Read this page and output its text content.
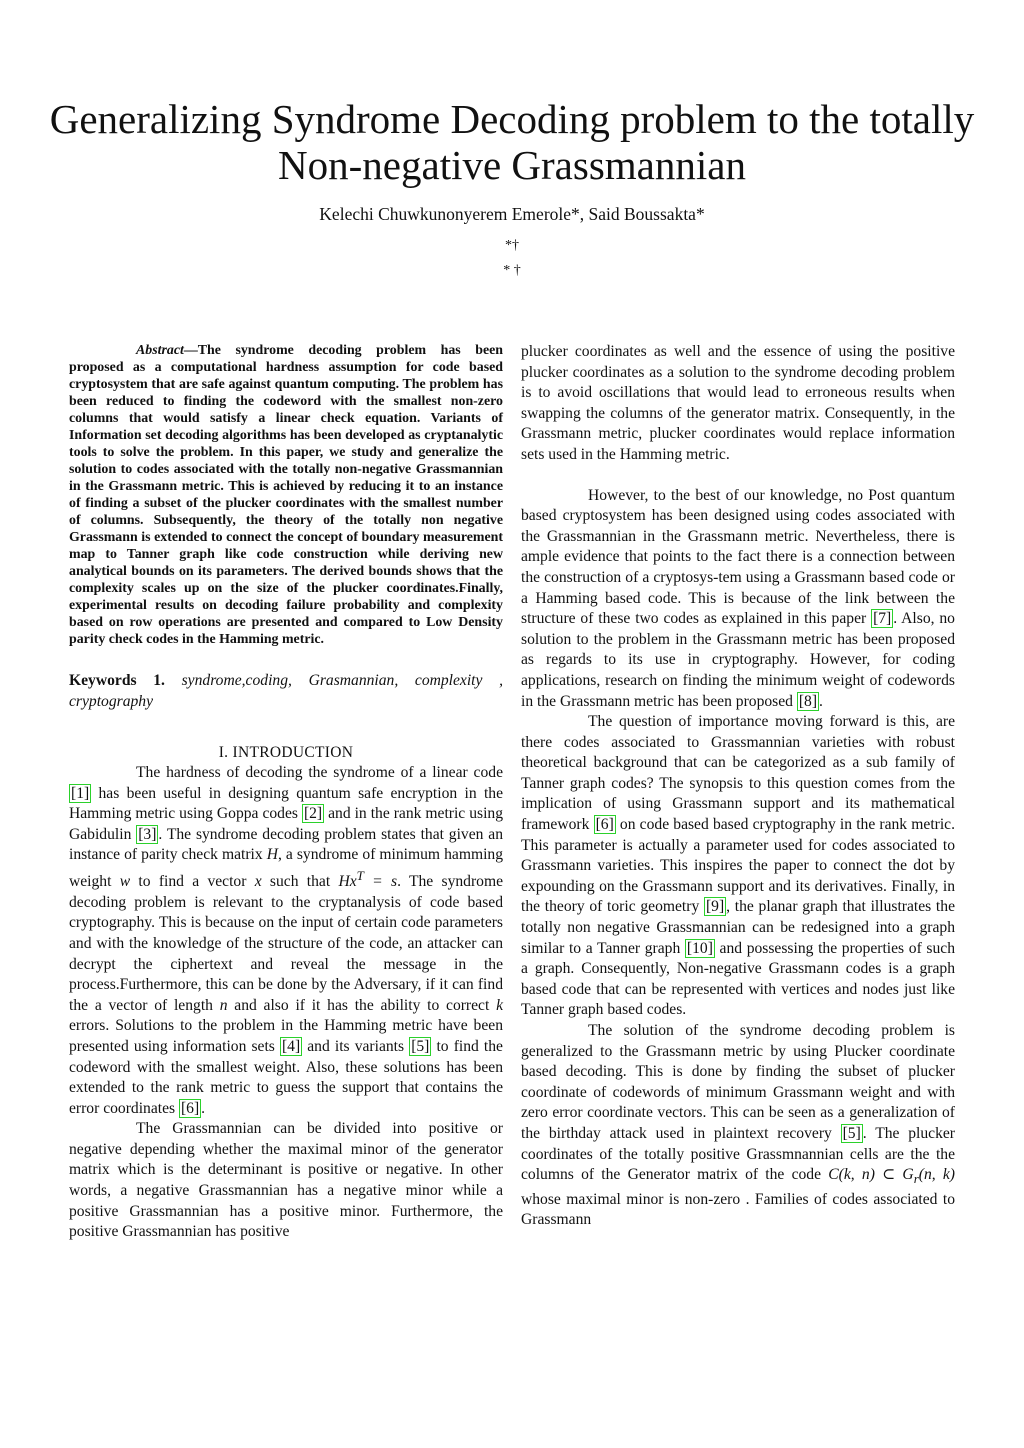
Generalizing Syndrome Decoding problem to the totally Non-negative Grassmannian
Kelechi Chuwkunonyerem Emerole*, Said Boussakta*
*†
* †

Abstract—The syndrome decoding problem has been proposed as a computational hardness assumption for code based cryptosystem that are safe against quantum computing. The problem has been reduced to finding the codeword with the smallest non-zero columns that would satisfy a linear check equation. Variants of Information set decoding algorithms has been developed as cryptanalytic tools to solve the problem. In this paper, we study and generalize the solution to codes associated with the totally non-negative Grassmannian in the Grassmann metric. This is achieved by reducing it to an instance of finding a subset of the plucker coordinates with the smallest number of columns. Subsequently, the theory of the totally non negative Grassmann is extended to connect the concept of boundary measurement map to Tanner graph like code construction while deriving new analytical bounds on its parameters. The derived bounds shows that the complexity scales up on the size of the plucker coordinates.Finally, experimental results on decoding failure probability and complexity based on row operations are presented and compared to Low Density parity check codes in the Hamming metric.

Keywords 1. syndrome,coding, Grasmannian, complexity , cryptography
I. INTRODUCTION

The hardness of decoding the syndrome of a linear code [1] has been useful in designing quantum safe encryption in the Hamming metric using Goppa codes [2] and in the rank metric using Gabidulin [3] . The syndrome decoding problem states that given an instance of parity check matrix H, a syndrome of minimum hamming weight w to find a vector x such that $Hx^T = s$. The syndrome decoding problem is relevant to the cryptanalysis of code based cryptography. This is because on the input of certain code parameters and with the knowledge of the structure of the code, an attacker can decrypt the ciphertext and reveal the message in the process.Furthermore, this can be done by the Adversary, if it can find the a vector of length n and also if it has the ability to correct k errors. Solutions to the problem in the Hamming metric have been presented using information sets [4] and its variants [5] to find the codeword with the smallest weight. Also, these solutions has been extended to the rank metric to guess the support that contains the error coordinates [6] .

The Grassmannian can be divided into positive or negative depending whether the maximal minor of the generator matrix which is the determinant is positive or negative. In other words, a negative Grassmannian has a negative minor while a positive Grassmannian has a positive minor. Furthermore, the positive Grassmannian has positive

plucker coordinates as well and the essence of using the positive plucker coordinates as a solution to the syndrome decoding problem is to avoid oscillations that would lead to erroneous results when swapping the columns of the generator matrix. Consequently, in the Grassmann metric, plucker coordinates would replace information sets used in the Hamming metric.

However, to the best of our knowledge, no Post quantum based cryptosystem has been designed using codes associated with the Grassmannian in the Grassmann metric. Nevertheless, there is ample evidence that points to the fact there is a connection between the construction of a cryptosys-tem using a Grassmann based code or a Hamming based code. This is because of the link between the structure of these two codes as explained in this paper [7] . Also, no solution to the problem in the Grassmann metric has been proposed as regards to its use in cryptography. However, for coding applications, research on finding the minimum weight of codewords in the Grassmann metric has been proposed [8] .

The question of importance moving forward is this, are there codes associated to Grassmannian varieties with robust theoretical background that can be categorized as a sub family of Tanner graph codes? The synopsis to this question comes from the implication of using Grassmann support and its mathematical framework [6] on code based based cryptography in the rank metric. This parameter is actually a parameter used for codes associated to Grassmann varieties. This inspires the paper to connect the dot by expounding on the Grassmann support and its derivatives. Finally, in the theory of toric geometry [9] , the planar graph that illustrates the totally non negative Grassmannian can be redesigned into a graph similar to a Tanner graph [10] and possessing the properties of such a graph. Consequently, Non-negative Grassmann codes is a graph based code that can be represented with vertices and nodes just like Tanner graph based codes.

The solution of the syndrome decoding problem is generalized to the Grassmann metric by using Plucker coordinate based decoding. This is done by finding the subset of plucker coordinate of codewords of minimum Grassmann weight and with zero error coordinate vectors. This can be seen as a generalization of the birthday attack used in plaintext recovery [5] . The plucker coordinates of the totally positive Grassmnannian cells are the the columns of the Generator matrix of the code C(k, n) ⊂ $G_r(n$, k) whose maximal minor is non-zero . Families of codes associated to Grassmann
